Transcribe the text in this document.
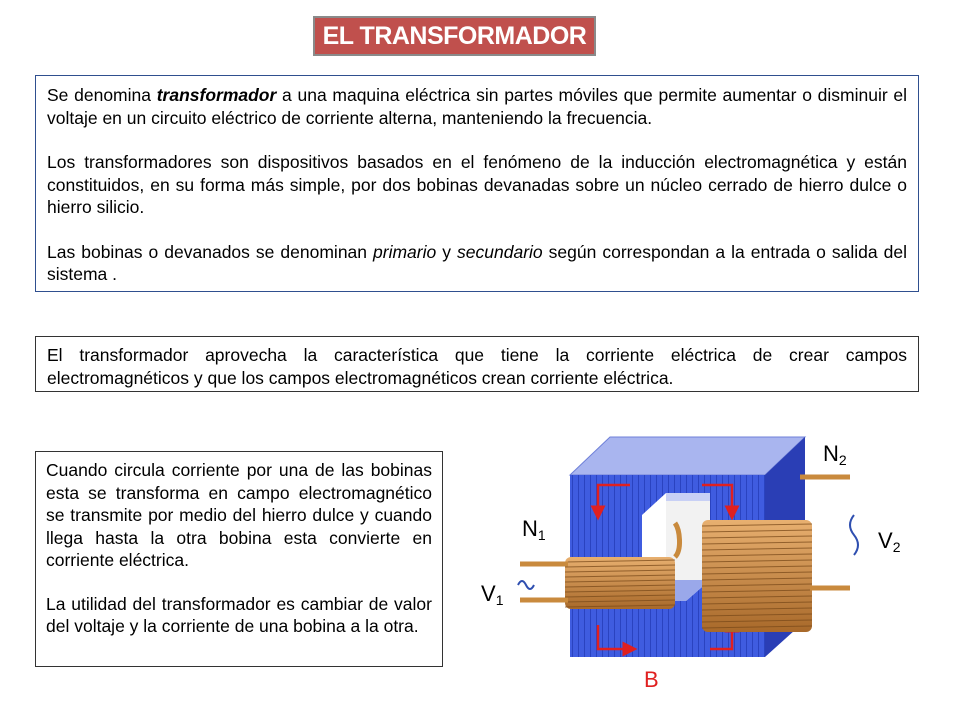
EL TRANSFORMADOR

Se denomina transformador a una maquina eléctrica sin partes móviles que permite aumentar o disminuir el voltaje en un circuito eléctrico de corriente alterna, manteniendo la frecuencia.

Los transformadores son dispositivos basados en el fenómeno de la inducción electromagnética y están constituidos, en su forma más simple, por dos bobinas devanadas sobre un núcleo cerrado de hierro dulce o hierro silicio.

Las bobinas o devanados se denominan primario y secundario según correspondan a la entrada o salida del sistema .

El transformador aprovecha la característica que tiene la corriente eléctrica de crear campos electromagnéticos y que los campos electromagnéticos crean corriente eléctrica.

Cuando circula corriente por una de las bobinas esta se transforma en campo electromagnético se transmite por medio del hierro dulce y cuando llega hasta la otra bobina esta convierte en corriente eléctrica.

La utilidad del transformador es cambiar de valor del voltaje y la corriente de una bobina a la otra.

N1
N2
V1
V2
B
